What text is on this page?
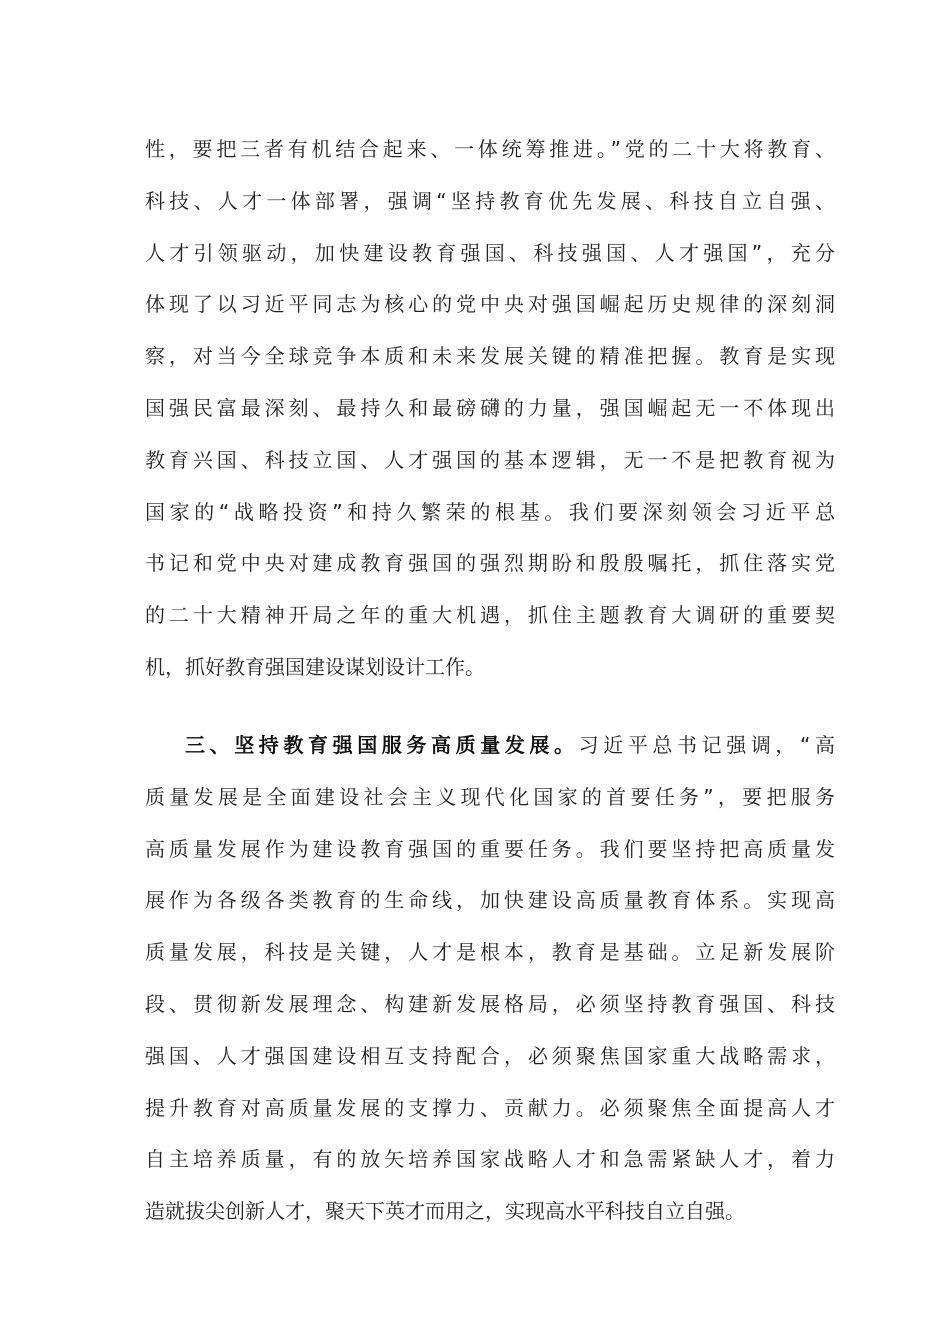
性，要把三者有机结合起来、一体统筹推进。”党的二十大将教育、
科技、人才一体部署，强调“坚持教育优先发展、科技自立自强、
人才引领驱动，加快建设教育强国、科技强国、人才强国”，充分
体现了以习近平同志为核心的党中央对强国崛起历史规律的深刻洞
察，对当今全球竞争本质和未来发展关键的精准把握。教育是实现
国强民富最深刻、最持久和最磅礴的力量，强国崛起无一不体现出
教育兴国、科技立国、人才强国的基本逻辑，无一不是把教育视为
国家的“战略投资”和持久繁荣的根基。我们要深刻领会习近平总
书记和党中央对建成教育强国的强烈期盼和殷殷嘱托，抓住落实党
的二十大精神开局之年的重大机遇，抓住主题教育大调研的重要契
机，抓好教育强国建设谋划设计工作。
三、坚持教育强国服务高质量发展。习近平总书记强调，“高
质量发展是全面建设社会主义现代化国家的首要任务”，要把服务
高质量发展作为建设教育强国的重要任务。我们要坚持把高质量发
展作为各级各类教育的生命线，加快建设高质量教育体系。实现高
质量发展，科技是关键，人才是根本，教育是基础。立足新发展阶
段、贯彻新发展理念、构建新发展格局，必须坚持教育强国、科技
强国、人才强国建设相互支持配合，必须聚焦国家重大战略需求，
提升教育对高质量发展的支撑力、贡献力。必须聚焦全面提高人才
自主培养质量，有的放矢培养国家战略人才和急需紧缺人才，着力
造就拔尖创新人才，聚天下英才而用之，实现高水平科技自立自强。
